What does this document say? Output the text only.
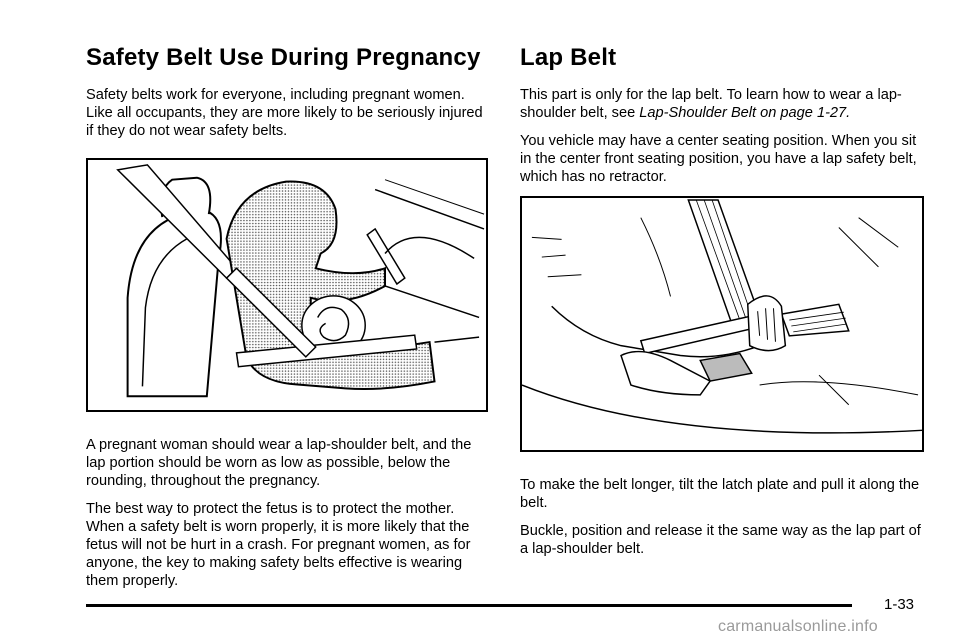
Safety Belt Use During Pregnancy

Safety belts work for everyone, including pregnant women. Like all occupants, they are more likely to be seriously injured if they do not wear safety belts.

A pregnant woman should wear a lap-shoulder belt, and the lap portion should be worn as low as possible, below the rounding, throughout the pregnancy.

The best way to protect the fetus is to protect the mother. When a safety belt is worn properly, it is more likely that the fetus will not be hurt in a crash. For pregnant women, as for anyone, the key to making safety belts effective is wearing them properly.

Lap Belt

This part is only for the lap belt. To learn how to wear a lap-shoulder belt, see Lap-Shoulder Belt on page 1-27.

You vehicle may have a center seating position. When you sit in the center front seating position, you have a lap safety belt, which has no retractor.

To make the belt longer, tilt the latch plate and pull it along the belt.

Buckle, position and release it the same way as the lap part of a lap-shoulder belt.

1-33
carmanualsonline.info
